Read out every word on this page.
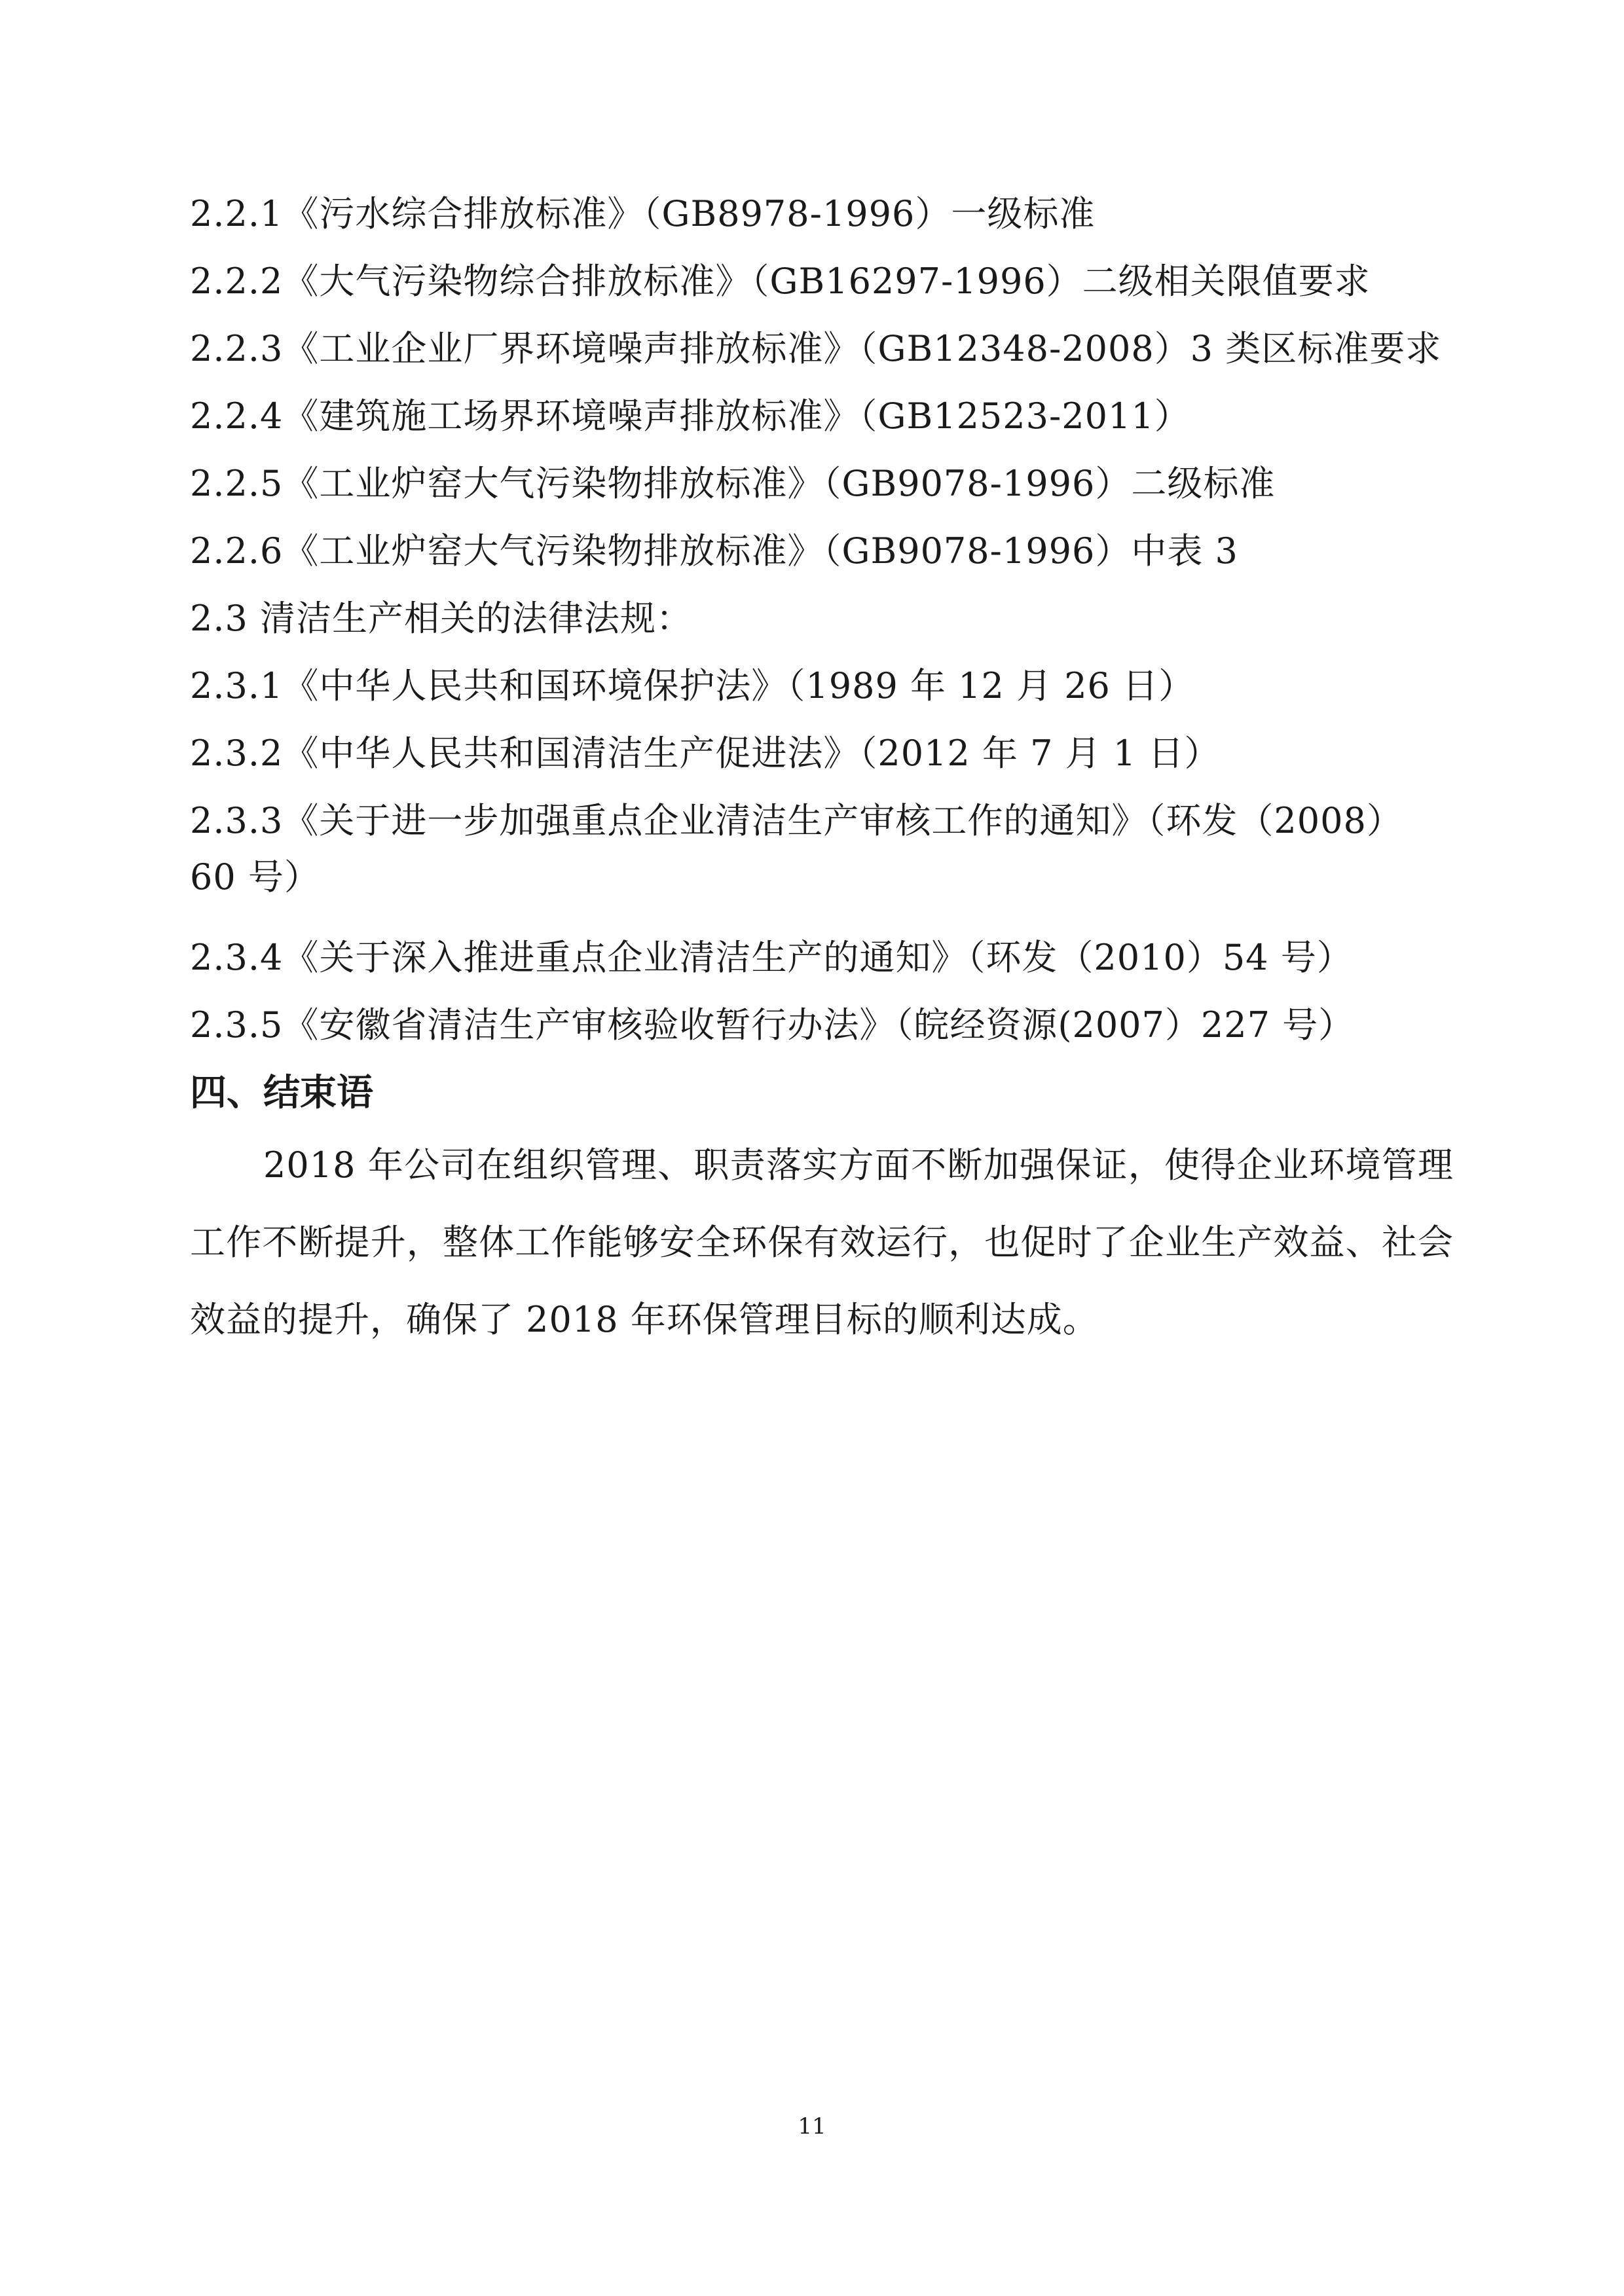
2.2.1《污水综合排放标准》（GB8978-1996）一级标准
2.2.2《大气污染物综合排放标准》（GB16297-1996）二级相关限值要求
2.2.3《工业企业厂界环境噪声排放标准》（GB12348-2008）3 类区标准要求
2.2.4《建筑施工场界环境噪声排放标准》（GB12523-2011）
2.2.5《工业炉窑大气污染物排放标准》（GB9078-1996）二级标准
2.2.6《工业炉窑大气污染物排放标准》（GB9078-1996）中表 3
2.3 清洁生产相关的法律法规：
2.3.1《中华人民共和国环境保护法》（1989 年 12 月 26 日）
2.3.2《中华人民共和国清洁生产促进法》（2012 年 7 月 1 日）
2.3.3《关于进一步加强重点企业清洁生产审核工作的通知》（环发（2008）
60 号）
2.3.4《关于深入推进重点企业清洁生产的通知》（环发（2010）54 号）
2.3.5《安徽省清洁生产审核验收暂行办法》（皖经资源(2007）227 号）
四、结束语
2018 年公司在组织管理、职责落实方面不断加强保证，使得企业环境管理工作不断提升，整体工作能够安全环保有效运行，也促时了企业生产效益、社会效益的提升，确保了 2018 年环保管理目标的顺利达成。
11
